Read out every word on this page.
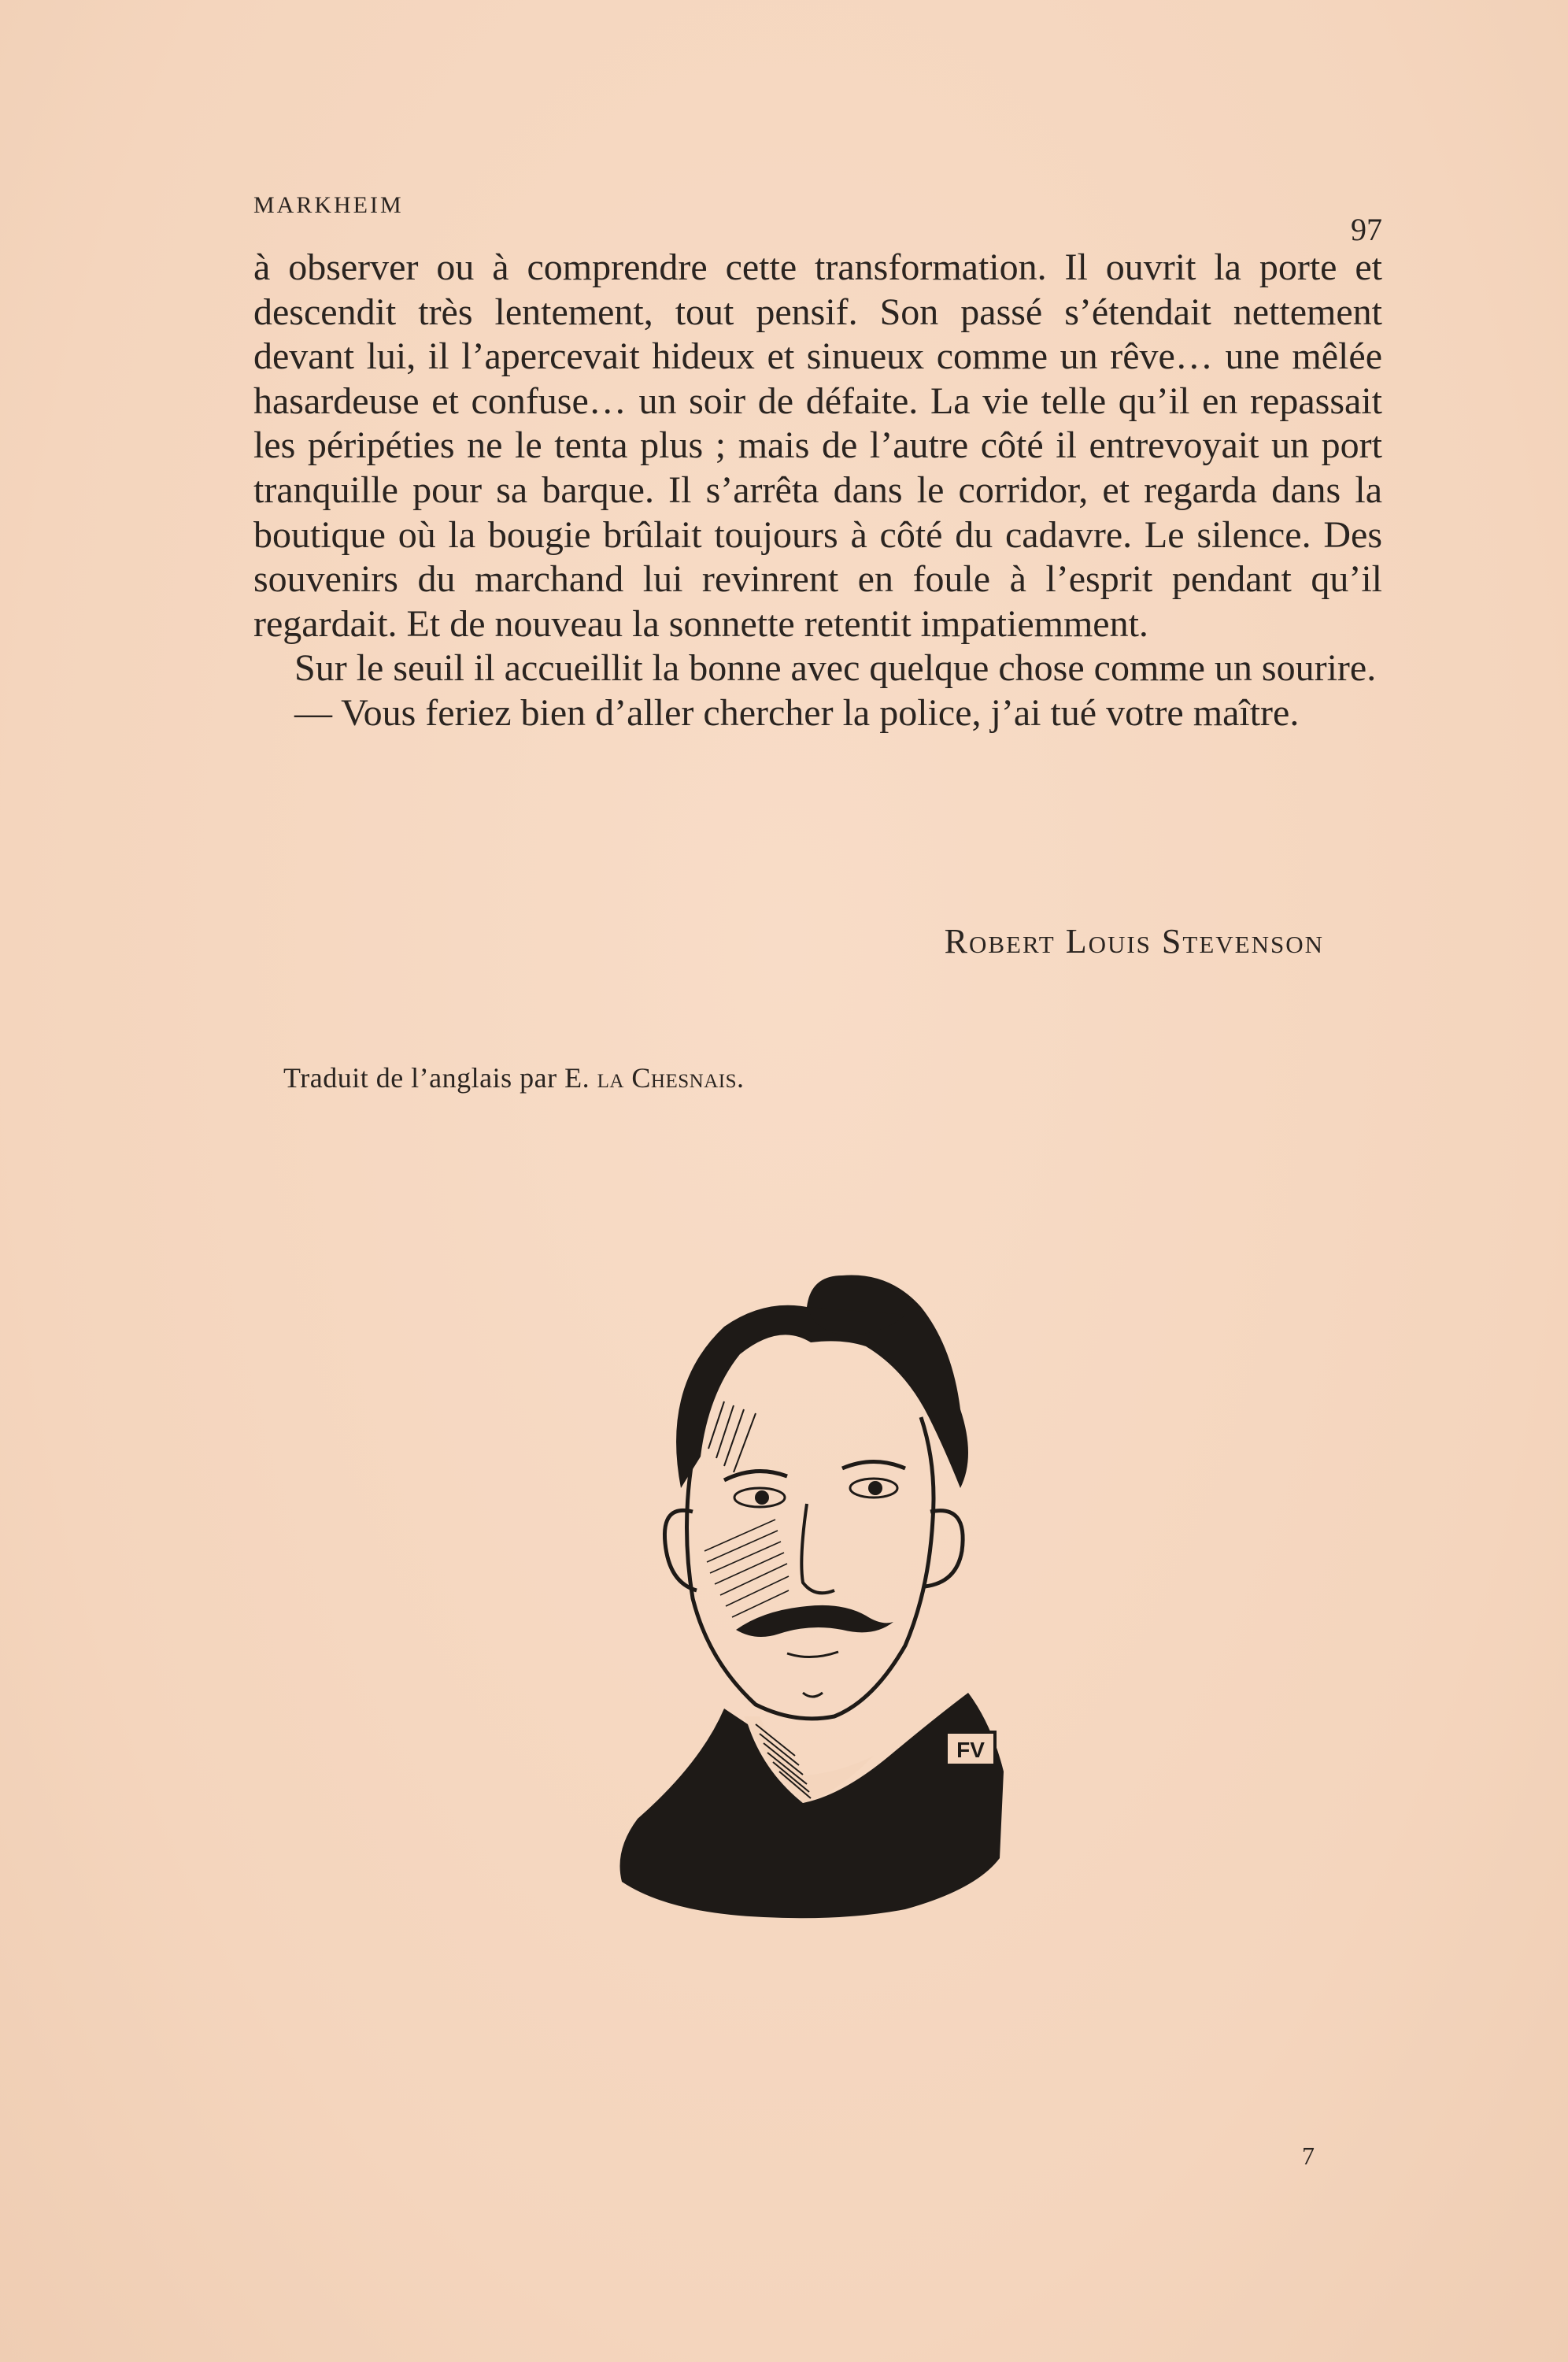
MARKHEIM
97

à observer ou à comprendre cette transformation. Il ouvrit la porte et descendit très lentement, tout pensif. Son passé s’étendait nettement devant lui, il l’apercevait hideux et sinueux comme un rêve… une mêlée hasardeuse et confuse… un soir de défaite. La vie telle qu’il en repassait les péripéties ne le tenta plus ; mais de l’autre côté il entrevoyait un port tranquille pour sa barque. Il s’arrêta dans le corridor, et regarda dans la boutique où la bougie brûlait toujours à côté du cadavre. Le silence. Des souvenirs du marchand lui revinrent en foule à l’esprit pendant qu’il regardait. Et de nouveau la sonnette retentit impatiemment.

Sur le seuil il accueillit la bonne avec quelque chose comme un sourire.

— Vous feriez bien d’aller chercher la police, j’ai tué votre maître.

Robert Louis Stevenson
Traduit de l’anglais par E. la Chesnais.
FV
7
